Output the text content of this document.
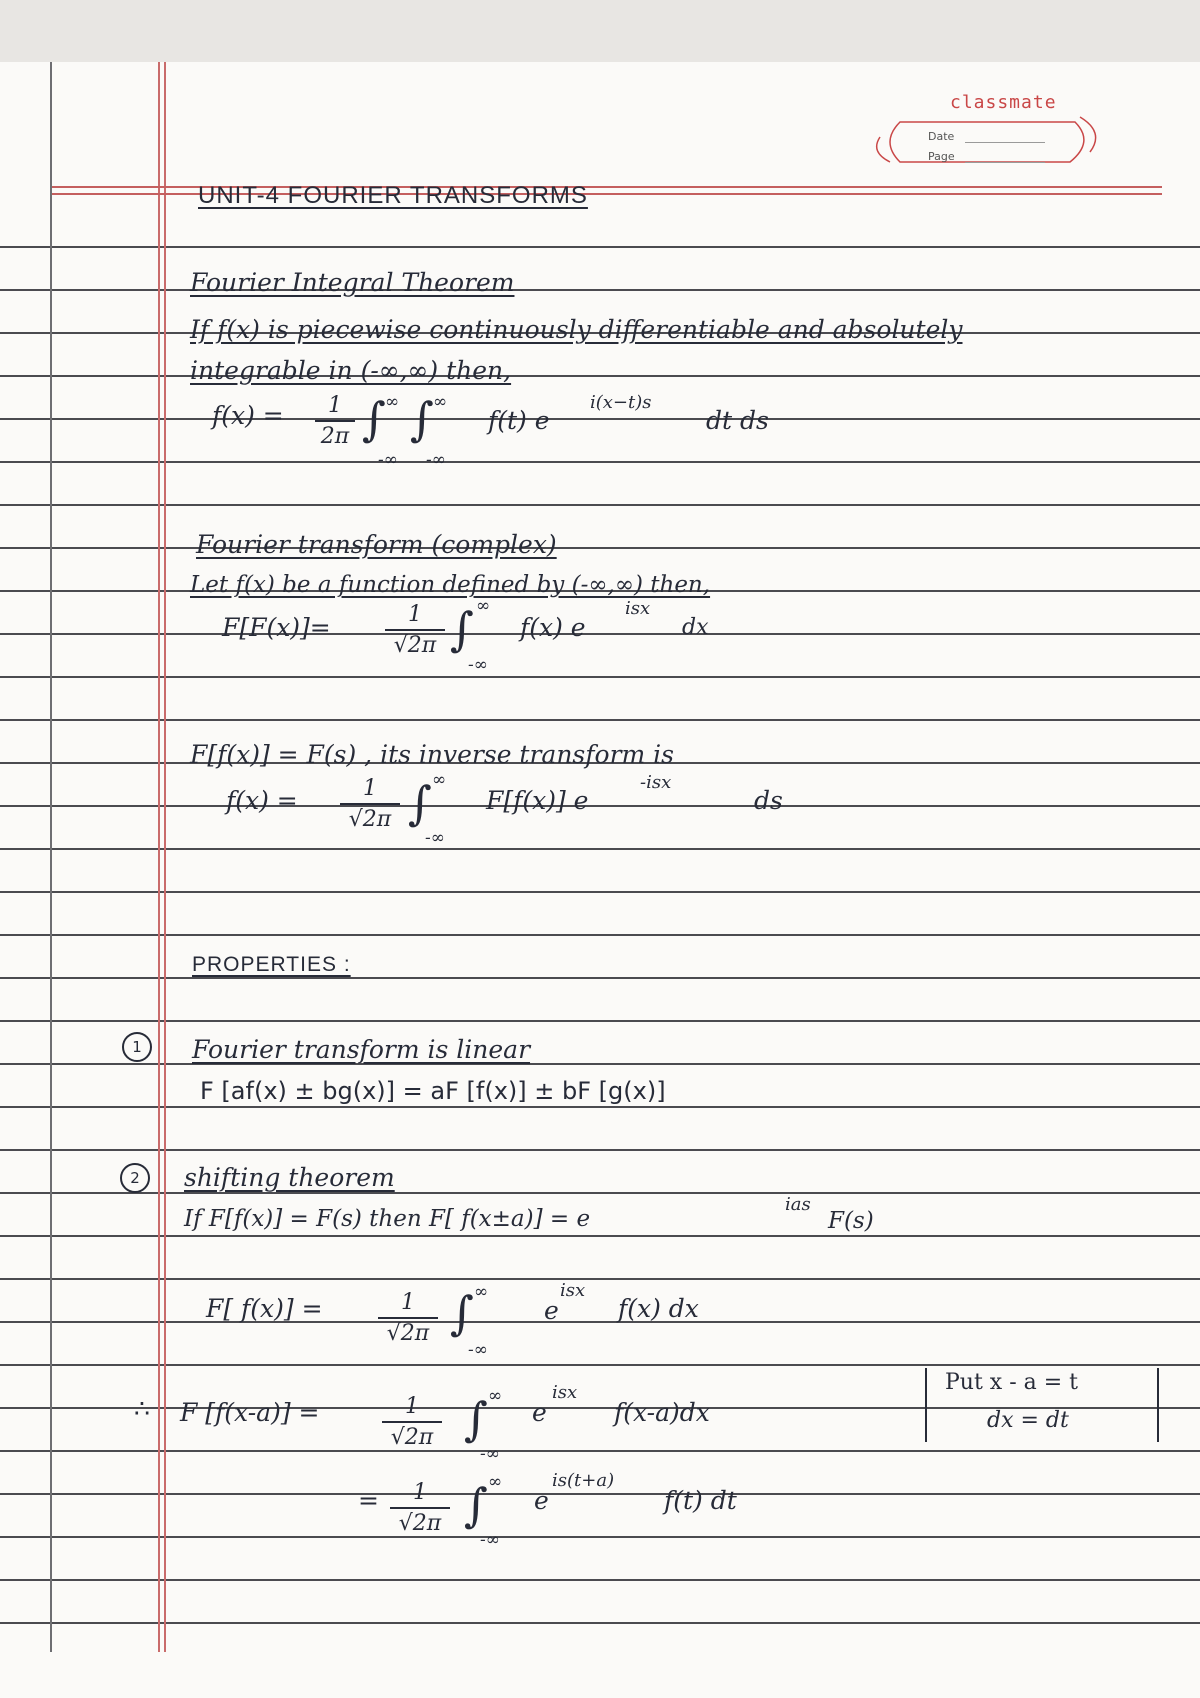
classmate
Date
Page
UNIT-4 FOURIER TRANSFORMS
Fourier Integral Theorem
If f(x) is piecewise continuously differentiable and absolutely
integrable in (-∞,∞) then,
f(x) =	1
2π ∫ ∞
-∞
∫ ∞
-∞
f(t) e
i(x−t)s
dt ds
Fourier transform (complex)
Let f(x) be a function defined by (-∞,∞) then,
F[F(x)]=	1
√2π ∫ ∞
-∞
f(x) e
isx
dx
F[f(x)] = F(s) , its inverse transform is
f(x) =	1
√2π ∫ ∞
-∞
F[f(x)] e
-isx
ds
PROPERTIES :
1	Fourier transform is linear
F [af(x) ± bg(x)] = aF [f(x)] ± bF [g(x)]
2	shifting theorem
If F[f(x)] = F(s) then F[ f(x±a)] = e
ias
F(s)
F[ f(x)] =	1
√2π ∫ ∞
-∞
e
isx
f(x) dx
∴ F [f(x-a)] =	1
√2π ∫ ∞
-∞
e
isx
f(x-a)dx
Put x - a = t
dx = dt
=	1
√2π ∫ ∞
-∞
e
is(t+a)
f(t) dt
